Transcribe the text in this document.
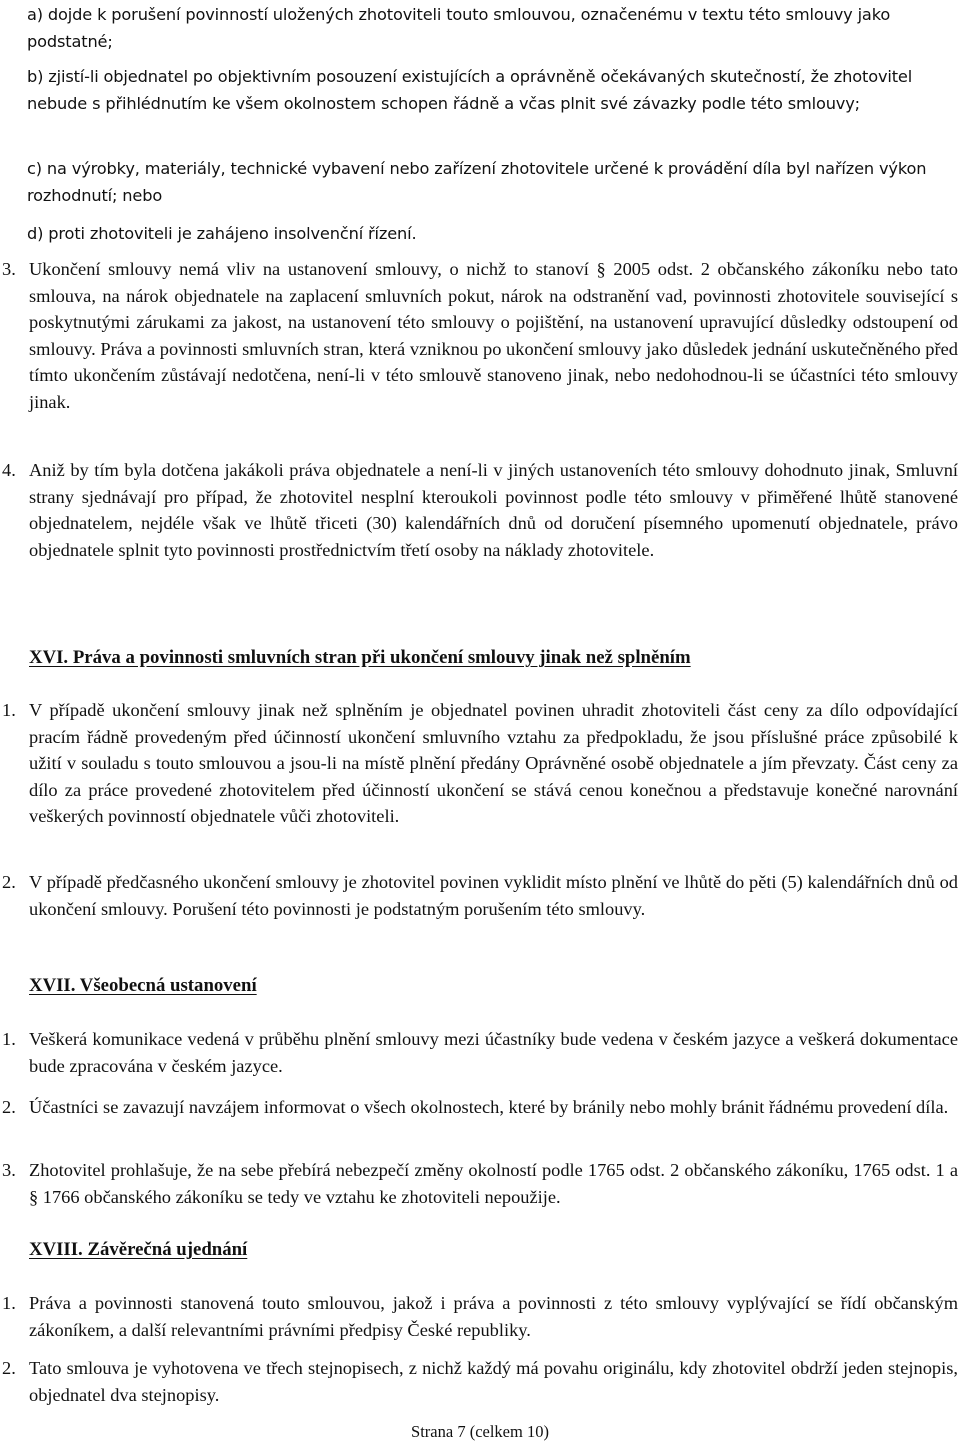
a) dojde k porušení povinností uložených zhotoviteli touto smlouvou, označenému v textu této smlouvy jako podstatné;

b) zjistí-li objednatel po objektivním posouzení existujících a oprávněně očekávaných skutečností, že zhotovitel nebude s přihlédnutím ke všem okolnostem schopen řádně a včas plnit své závazky podle této smlouvy;

c) na výrobky, materiály, technické vybavení nebo zařízení zhotovitele určené k provádění díla byl nařízen výkon rozhodnutí; nebo

d) proti zhotoviteli je zahájeno insolvenční řízení.

3. Ukončení smlouvy nemá vliv na ustanovení smlouvy, o nichž to stanoví § 2005 odst. 2 občanského zákoníku nebo tato smlouva, na nárok objednatele na zaplacení smluvních pokut, nárok na odstranění vad, povinnosti zhotovitele související s poskytnutými zárukami za jakost, na ustanovení této smlouvy o pojištění, na ustanovení upravující důsledky odstoupení od smlouvy. Práva a povinnosti smluvních stran, která vzniknou po ukončení smlouvy jako důsledek jednání uskutečněného před tímto ukončením zůstávají nedotčena, není-li v této smlouvě stanoveno jinak, nebo nedohodnou-li se účastníci této smlouvy jinak.

4. Aniž by tím byla dotčena jakákoli práva objednatele a není-li v jiných ustanoveních této smlouvy dohodnuto jinak, Smluvní strany sjednávají pro případ, že zhotovitel nesplní kteroukoli povinnost podle této smlouvy v přiměřené lhůtě stanovené objednatelem, nejdéle však ve lhůtě třiceti (30) kalendářních dnů od doručení písemného upomenutí objednatele, právo objednatele splnit tyto povinnosti prostřednictvím třetí osoby na náklady zhotovitele.

XVI. Práva a povinnosti smluvních stran při ukončení smlouvy jinak než splněním
1. V případě ukončení smlouvy jinak než splněním je objednatel povinen uhradit zhotoviteli část ceny za dílo odpovídající pracím řádně provedeným před účinností ukončení smluvního vztahu za předpokladu, že jsou příslušné práce způsobilé k užití v souladu s touto smlouvou a jsou-li na místě plnění předány Oprávněné osobě objednatele a jím převzaty. Část ceny za dílo za práce provedené zhotovitelem před účinností ukončení se stává cenou konečnou a představuje konečné narovnání veškerých povinností objednatele vůči zhotoviteli.

2. V případě předčasného ukončení smlouvy je zhotovitel povinen vyklidit místo plnění ve lhůtě do pěti (5) kalendářních dnů od ukončení smlouvy. Porušení této povinnosti je podstatným porušením této smlouvy.

XVII. Všeobecná ustanovení
1. Veškerá komunikace vedená v průběhu plnění smlouvy mezi účastníky bude vedena v českém jazyce a veškerá dokumentace bude zpracována v českém jazyce.

2. Účastníci se zavazují navzájem informovat o všech okolnostech, které by bránily nebo mohly bránit řádnému provedení díla.

3. Zhotovitel prohlašuje, že na sebe přebírá nebezpečí změny okolností podle 1765 odst. 2 občanského zákoníku, 1765 odst. 1 a § 1766 občanského zákoníku se tedy ve vztahu ke zhotoviteli nepoužije.

XVIII. Závěrečná ujednání
1. Práva a povinnosti stanovená touto smlouvou, jakož i práva a povinnosti z této smlouvy vyplývající se řídí občanským zákoníkem, a další relevantními právními předpisy České republiky.

2. Tato smlouva je vyhotovena ve třech stejnopisech, z nichž každý má povahu originálu, kdy zhotovitel obdrží jeden stejnopis, objednatel dva stejnopisy.

Strana 7 (celkem 10)
